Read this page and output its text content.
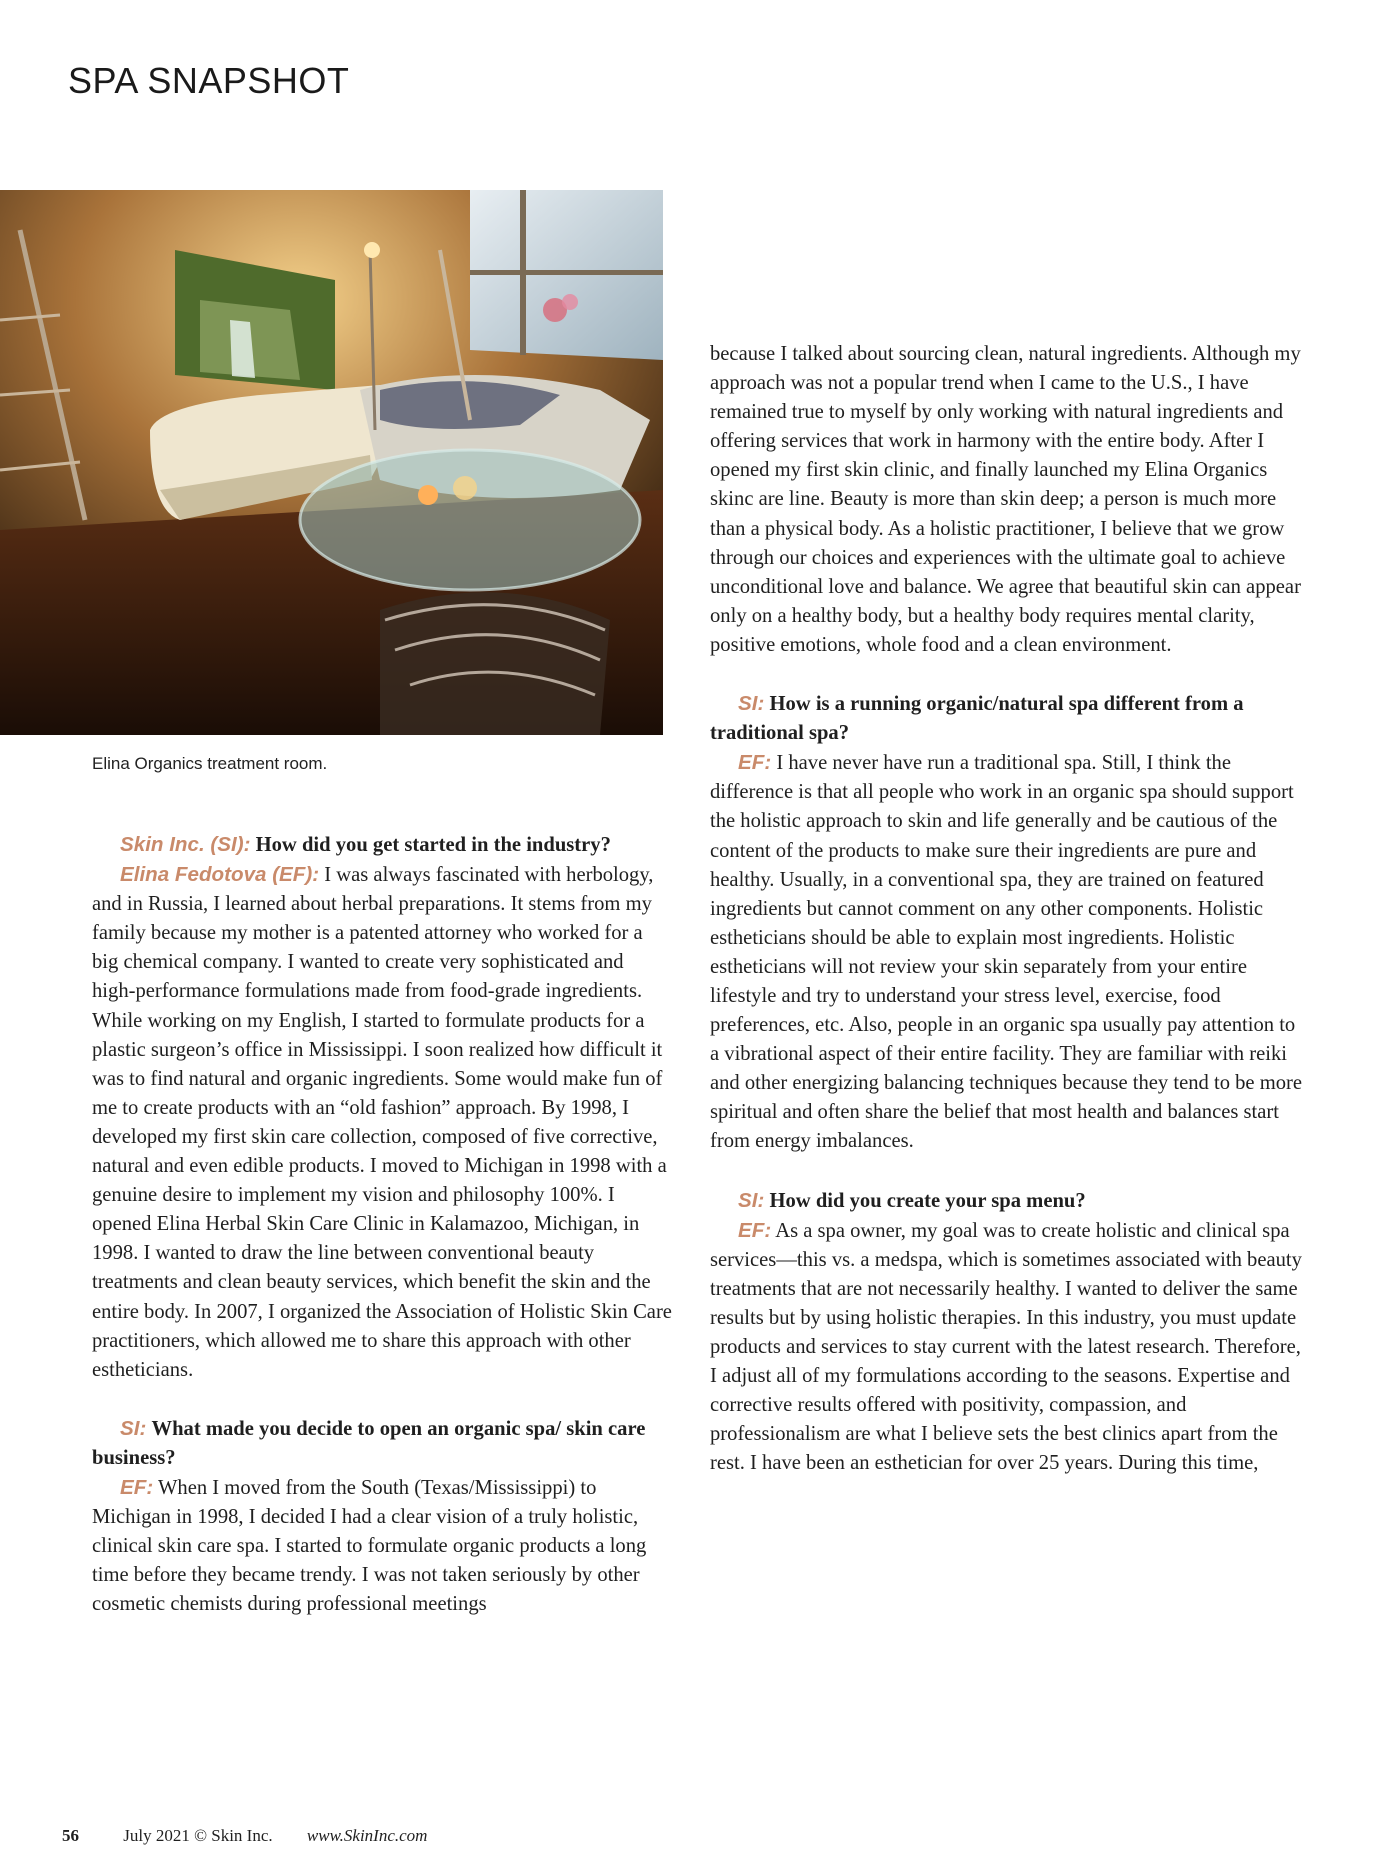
SPA SNAPSHOT
Elina Organics treatment room.

Skin Inc. (SI): How did you get started in the industry?

Elina Fedotova (EF): I was always fascinated with herbology, and in Russia, I learned about herbal preparations. It stems from my family because my mother is a patented attorney who worked for a big chemical company. I wanted to create very sophisticated and high-performance formulations made from food-grade ingredients. While working on my English, I started to formulate products for a plastic surgeon’s office in Mississippi. I soon realized how difficult it was to find natural and organic ingredients. Some would make fun of me to create products with an “old fashion” approach. By 1998, I developed my first skin care collection, composed of five corrective, natural and even edible products. I moved to Michigan in 1998 with a genuine desire to implement my vision and philosophy 100%. I opened Elina Herbal Skin Care Clinic in Kalamazoo, Michigan, in 1998. I wanted to draw the line between conventional beauty treatments and clean beauty services, which benefit the skin and the entire body. In 2007, I organized the Association of Holistic Skin Care practitioners, which allowed me to share this approach with other estheticians.

SI: What made you decide to open an organic spa/ skin care business?

EF: When I moved from the South (Texas/Mississippi) to Michigan in 1998, I decided I had a clear vision of a truly holistic, clinical skin care spa. I started to formulate organic products a long time before they became trendy. I was not taken seriously by other cosmetic chemists during professional meetings

because I talked about sourcing clean, natural ingredients. Although my approach was not a popular trend when I came to the U.S., I have remained true to myself by only working with natural ingredients and offering services that work in harmony with the entire body. After I opened my first skin clinic, and finally launched my Elina Organics skinc are line. Beauty is more than skin deep; a person is much more than a physical body. As a holistic practitioner, I believe that we grow through our choices and experiences with the ultimate goal to achieve unconditional love and balance. We agree that beautiful skin can appear only on a healthy body, but a healthy body requires mental clarity, positive emotions, whole food and a clean environment.

SI: How is a running organic/natural spa different from a traditional spa?

EF: I have never have run a traditional spa. Still, I think the difference is that all people who work in an organic spa should support the holistic approach to skin and life generally and be cautious of the content of the products to make sure their ingredients are pure and healthy. Usually, in a conventional spa, they are trained on featured ingredients but cannot comment on any other components. Holistic estheticians should be able to explain most ingredients. Holistic estheticians will not review your skin separately from your entire lifestyle and try to understand your stress level, exercise, food preferences, etc. Also, people in an organic spa usually pay attention to a vibrational aspect of their entire facility. They are familiar with reiki and other energizing balancing techniques because they tend to be more spiritual and often share the belief that most health and balances start from energy imbalances.

SI: How did you create your spa menu?

EF: As a spa owner, my goal was to create holistic and clinical spa services—this vs. a medspa, which is sometimes associated with beauty treatments that are not necessarily healthy. I wanted to deliver the same results but by using holistic therapies. In this industry, you must update products and services to stay current with the latest research. Therefore, I adjust all of my formulations according to the seasons. Expertise and corrective results offered with positivity, compassion, and professionalism are what I believe sets the best clinics apart from the rest. I have been an esthetician for over 25 years. During this time,

56	July 2021 © Skin Inc. www.SkinInc.com
